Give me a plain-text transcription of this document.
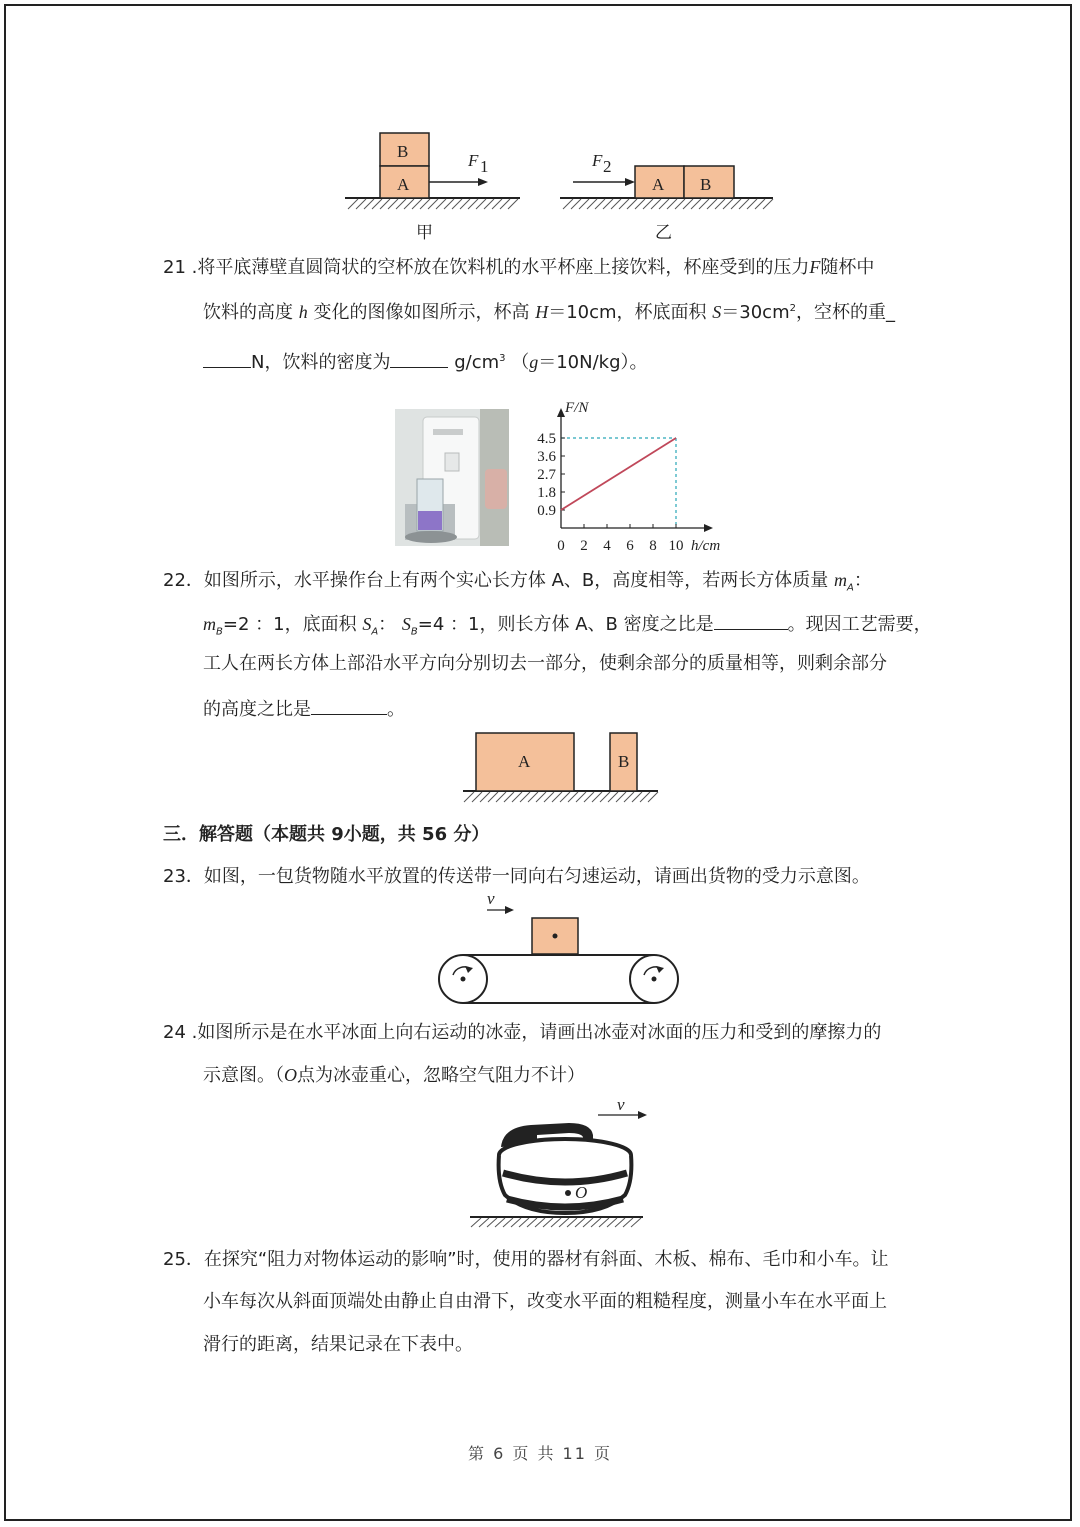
B
A
F 1
甲
A B
F 2
乙
21 .将平底薄壁直圆筒状的空杯放在饮料机的水平杯座上接饮料，杯座受到的压力F随杯中
饮料的高度 h 变化的图像如图所示，杯高 H＝10cm，杯底面积 $S=30cm^2$，空杯的重_
N，饮料的密度为	$g/cm^3$ （g＝10N/kg）。
0 2 4 6 8 10
0.9
1.8
2.7
3.6
4.5
h/cm
F/N
22．如图所示，水平操作台上有两个实心长方体 A、B，高度相等，若两长方体质量 $m_A$：
$m_B=2$ ：1，底面积 $S_A$： $S_B=4$ ：1，则长方体 A、B 密度之比是	。现因工艺需要，
工人在两长方体上部沿水平方向分别切去一部分，使剩余部分的质量相等，则剩余部分
的高度之比是	。
A	B
三．解答题（本题共 9小题，共 56 分）
23．如图，一包货物随水平放置的传送带一同向右匀速运动，请画出货物的受力示意图。
v
24 .如图所示是在水平冰面上向右运动的冰壶，请画出冰壶对冰面的压力和受到的摩擦力的
示意图。（O点为冰壶重心，忽略空气阻力不计）
v
O
25．在探究“阻力对物体运动的影响”时，使用的器材有斜面、木板、棉布、毛巾和小车。让
小车每次从斜面顶端处由静止自由滑下，改变水平面的粗糙程度，测量小车在水平面上
滑行的距离，结果记录在下表中。
第 6 页 共 11 页
